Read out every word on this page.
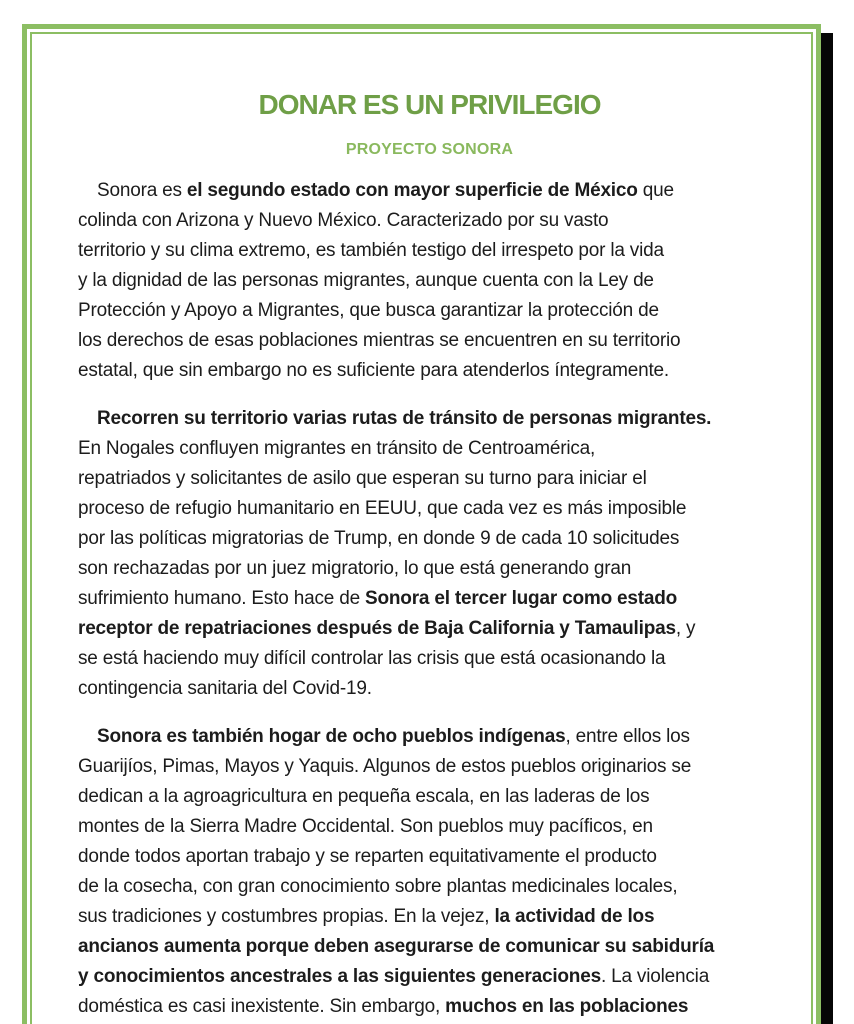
DONAR ES UN PRIVILEGIO
PROYECTO SONORA
Sonora es el segundo estado con mayor superficie de México que
colinda con Arizona y Nuevo México. Caracterizado por su vasto
territorio y su clima extremo, es también testigo del irrespeto por la vida
y la dignidad de las personas migrantes, aunque cuenta con la Ley de
Protección y Apoyo a Migrantes, que busca garantizar la protección de
los derechos de esas poblaciones mientras se encuentren en su territorio
estatal, que sin embargo no es suficiente para atenderlos íntegramente.
Recorren su territorio varias rutas de tránsito de personas migrantes.
En Nogales confluyen migrantes en tránsito de Centroamérica,
repatriados y solicitantes de asilo que esperan su turno para iniciar el
proceso de refugio humanitario en EEUU, que cada vez es más imposible
por las políticas migratorias de Trump, en donde 9 de cada 10 solicitudes
son rechazadas por un juez migratorio, lo que está generando gran
sufrimiento humano. Esto hace de Sonora el tercer lugar como estado
receptor de repatriaciones después de Baja California y Tamaulipas, y
se está haciendo muy difícil controlar las crisis que está ocasionando la
contingencia sanitaria del Covid-19.
Sonora es también hogar de ocho pueblos indígenas, entre ellos los
Guarijíos, Pimas, Mayos y Yaquis. Algunos de estos pueblos originarios se
dedican a la agroagricultura en pequeña escala, en las laderas de los
montes de la Sierra Madre Occidental. Son pueblos muy pacíficos, en
donde todos aportan trabajo y se reparten equitativamente el producto
de la cosecha, con gran conocimiento sobre plantas medicinales locales,
sus tradiciones y costumbres propias. En la vejez, la actividad de los
ancianos aumenta porque deben asegurarse de comunicar su sabiduría
y conocimientos ancestrales a las siguientes generaciones. La violencia
doméstica es casi inexistente. Sin embargo, muchos en las poblaciones
